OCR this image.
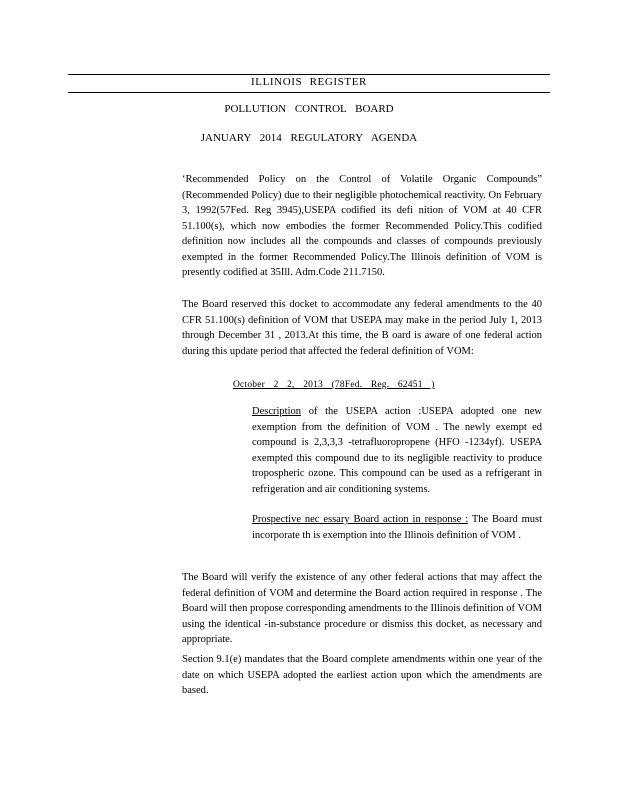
ILLINOIS REGISTER
POLLUTION CONTROL BOARD
JANUARY 2014 REGULATORY AGENDA
‘Recommended Policy on the Control of Volatile Organic Compounds” (Recommended Policy) due to their negligible photochemical reactivity. On February 3, 1992(57Fed. Reg 3945),USEPA codified its defi nition of VOM at 40 CFR 51.100(s), which now embodies the former Recommended Policy.This codified definition now includes all the compounds and classes of compounds previously exempted in the former Recommended Policy.The Illinois definition of VOM is presently codified at 35Ill. Adm.Code 211.7150.
The Board reserved this docket to accommodate any federal amendments to the 40 CFR 51.100(s) definition of VOM that USEPA may make in the period July 1, 2013 through December 31 , 2013.At this time, the B oard is aware of one federal action during this update period that affected the federal definition of VOM:
October 2 2, 2013 (78Fed. Reg. 62451 )
Description of the USEPA action :USEPA adopted one new exemption from the definition of VOM . The newly exempt ed compound is 2,3,3,3 -tetrafluoropropene (HFO -1234yf). USEPA exempted this compound due to its negligible reactivity to produce tropospheric ozone. This compound can be used as a refrigerant in refrigeration and air conditioning systems.
Prospective nec essary Board action in response : The Board must incorporate th is exemption into the Illinois definition of VOM .
The Board will verify the existence of any other federal actions that may affect the federal definition of VOM and determine the Board action required in response . The Board will then propose corresponding amendments to the Illinois definition of VOM using the identical -in-substance procedure or dismiss this docket, as necessary and appropriate.
Section 9.1(e) mandates that the Board complete amendments within one year of the date on which USEPA adopted the earliest action upon which the amendments are based.
